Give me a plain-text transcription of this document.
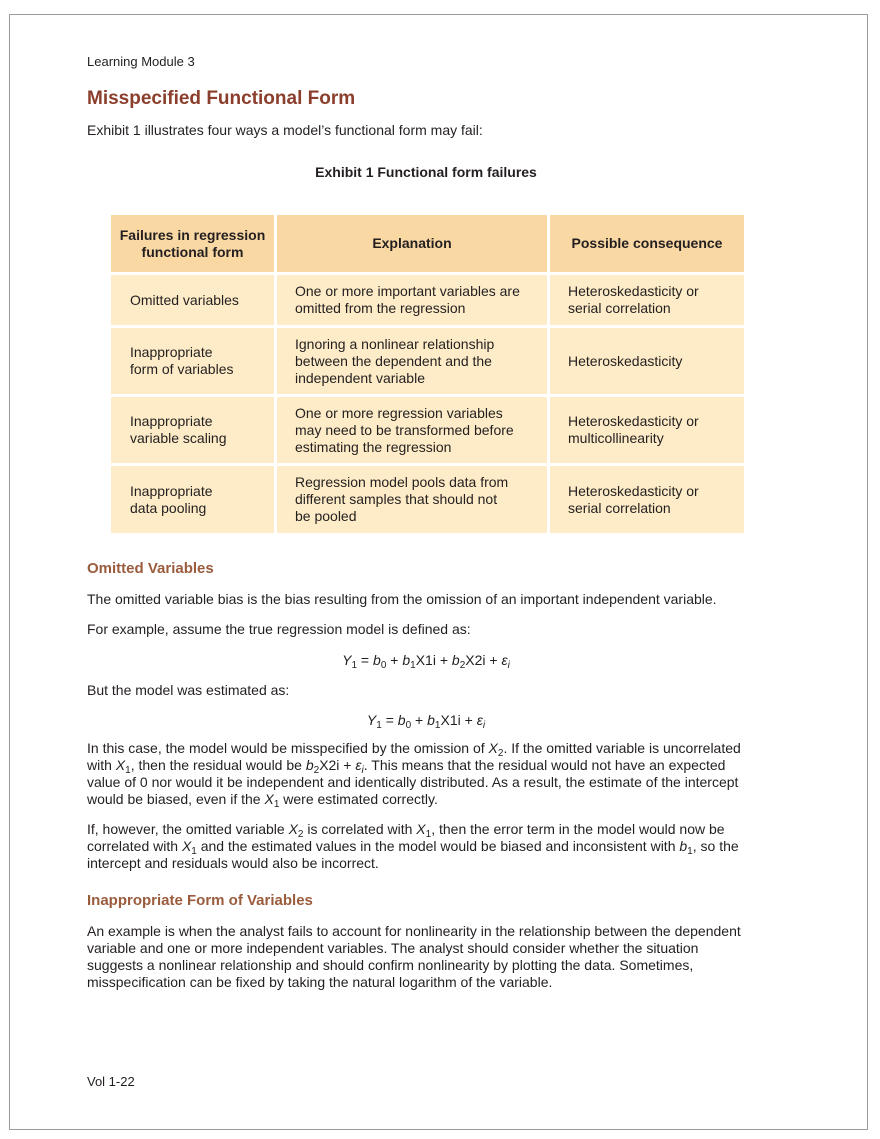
Learning Module 3
Misspecified Functional Form

Exhibit 1 illustrates four ways a model’s functional form may fail:

Exhibit 1 Functional form failures
Failures in regression functional form	Explanation	Possible consequence

Omitted variables	One or more important variables are omitted from the regression	Heteroskedasticity or serial correlation

Inappropriate form of variables	Ignoring a nonlinear relationship between the dependent and the independent variable	Heteroskedasticity

Inappropriate variable scaling	One or more regression variables may need to be transformed before estimating the regression	Heteroskedasticity or multicollinearity

Inappropriate data pooling	Regression model pools data from different samples that should not be pooled	Heteroskedasticity or serial correlation
Omitted Variables

The omitted variable bias is the bias resulting from the omission of an important independent variable.

For example, assume the true regression model is defined as:

$Y_1 = b_0 + b_1X1i + b_2X2i + \varepsilon_i$

But the model was estimated as:

$Y_1 = b_0 + b_1X1i + \varepsilon_i$

In this case, the model would be misspecified by the omission of $X_2$. If the omitted variable is uncorrelated with $X_1$, then the residual would be $b_2X2i + \varepsilon_i$. This means that the residual would not have an expected value of 0 nor would it be independent and identically distributed. As a result, the estimate of the intercept would be biased, even if the $X_1$ were estimated correctly.

If, however, the omitted variable $X_2$ is correlated with $X_1$, then the error term in the model would now be correlated with $X_1$ and the estimated values in the model would be biased and inconsistent with $b_1$, so the intercept and residuals would also be incorrect.

Inappropriate Form of Variables

An example is when the analyst fails to account for nonlinearity in the relationship between the dependent variable and one or more independent variables. The analyst should consider whether the situation suggests a nonlinear relationship and should confirm nonlinearity by plotting the data. Sometimes, misspecification can be fixed by taking the natural logarithm of the variable.

Vol 1-22
